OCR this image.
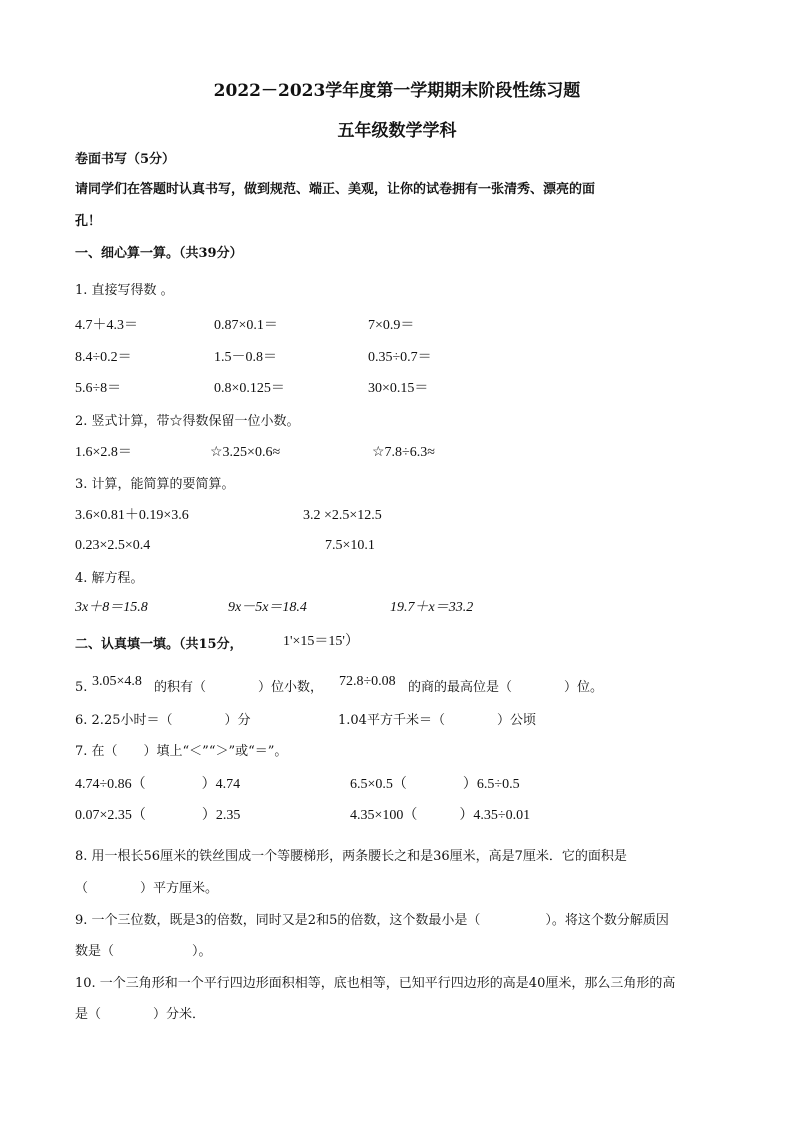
2022－2023学年度第一学期期末阶段性练习题
五年级数学学科
卷面书写（5分）
请同学们在答题时认真书写，做到规范、端正、美观，让你的试卷拥有一张清秀、漂亮的面
孔！
一、细心算一算。（共39分）
1. 直接写得数 。
4.7＋4.3＝	0.87×0.1＝	7×0.9＝
8.4÷0.2＝	1.5－0.8＝	0.35÷0.7＝
5.6÷8＝	0.8×0.125＝	30×0.15＝
2. 竖式计算，带☆得数保留一位小数。
1.6×2.8＝	☆3.25×0.6≈	☆7.8÷6.3≈
3. 计算，能简算的要简算。
3.6×0.81＋0.19×3.6	3.2 ×2.5×12.5
0.23×2.5×0.4	7.5×10.1
4. 解方程。
3x＋8＝15.8	9x－5x＝18.4	19.7＋x＝33.2
二、认真填一填。（共15分，	1'×15＝15'）
5. 3.05×4.8 的积有（　　　　）位小数， 72.8÷0.08 的商的最高位是（　　　　）位。
6. 2.25小时＝（　　　　）分	1.04平方千米＝（　　　　）公顷
7. 在（　　）填上“＜”“＞”或“＝”。
4.74÷0.86（　　　　）4.74	6.5×0.5（　　　　）6.5÷0.5
0.07×2.35（　　　　）2.35	4.35×100（　　　）4.35÷0.01
8. 用一根长56厘米的铁丝围成一个等腰梯形，两条腰长之和是36厘米，高是7厘米．它的面积是
（　　　　）平方厘米。
9. 一个三位数，既是3的倍数，同时又是2和5的倍数，这个数最小是（　　　　　）。将这个数分解质因
数是（　　　　　　）。
10. 一个三角形和一个平行四边形面积相等，底也相等，已知平行四边形的高是40厘米，那么三角形的高
是（　　　　）分米．
